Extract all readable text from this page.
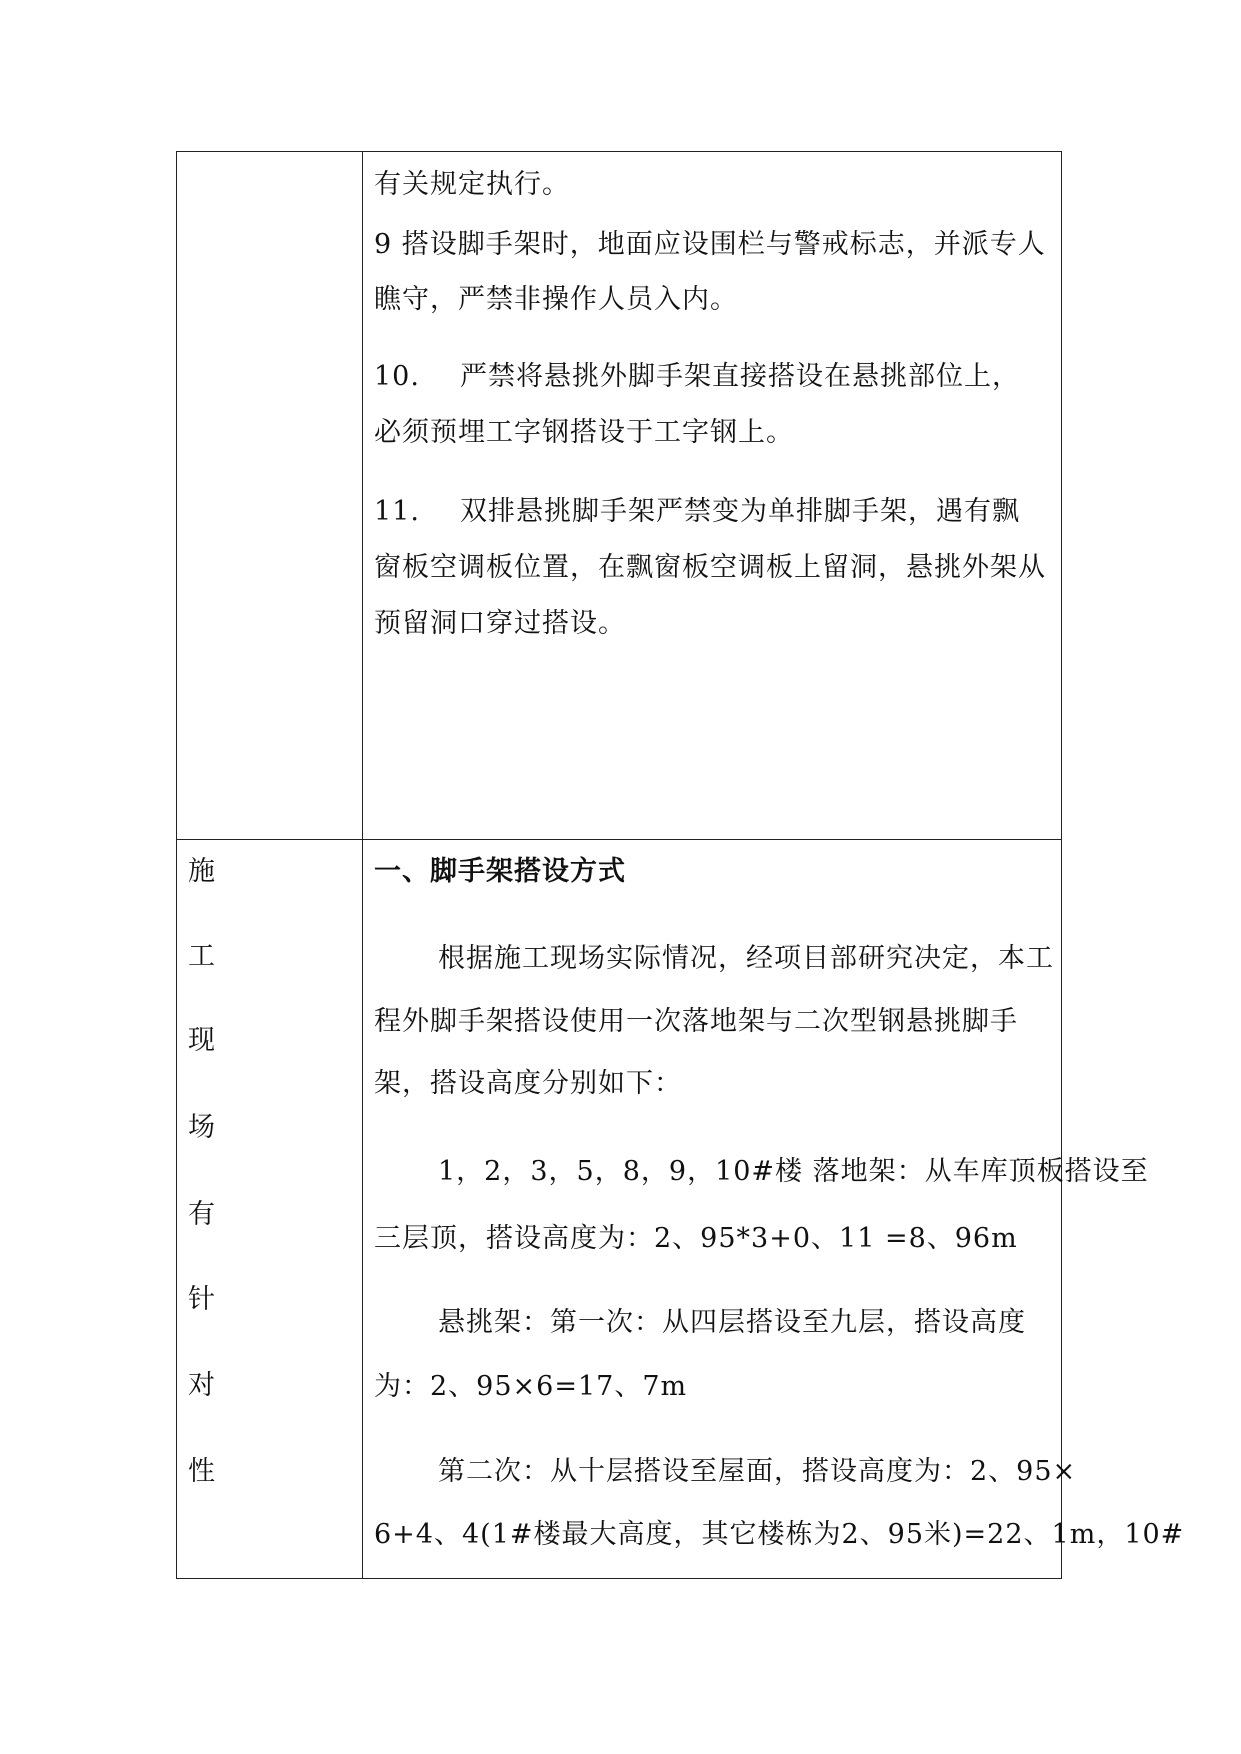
有关规定执行。
9 搭设脚手架时，地面应设围栏与警戒标志，并派专人
瞧守，严禁非操作人员入内。
10. 严禁将悬挑外脚手架直接搭设在悬挑部位上，
必须预埋工字钢搭设于工字钢上。
11. 双排悬挑脚手架严禁变为单排脚手架，遇有飘
窗板空调板位置，在飘窗板空调板上留洞，悬挑外架从
预留洞口穿过搭设。
施
工
现
场
有
针
对
性
一、脚手架搭设方式
根据施工现场实际情况，经项目部研究决定，本工
程外脚手架搭设使用一次落地架与二次型钢悬挑脚手
架，搭设高度分别如下：
1，2，3，5，8，9，10#楼 落地架：从车库顶板搭设至
三层顶，搭设高度为：2、95*3+0、11 =8、96m
悬挑架：第一次：从四层搭设至九层，搭设高度
为：2、95×6=17、7m
第二次：从十层搭设至屋面，搭设高度为：2、95×
6+4、4(1#楼最大高度，其它楼栋为2、95米)=22、1m，10#
